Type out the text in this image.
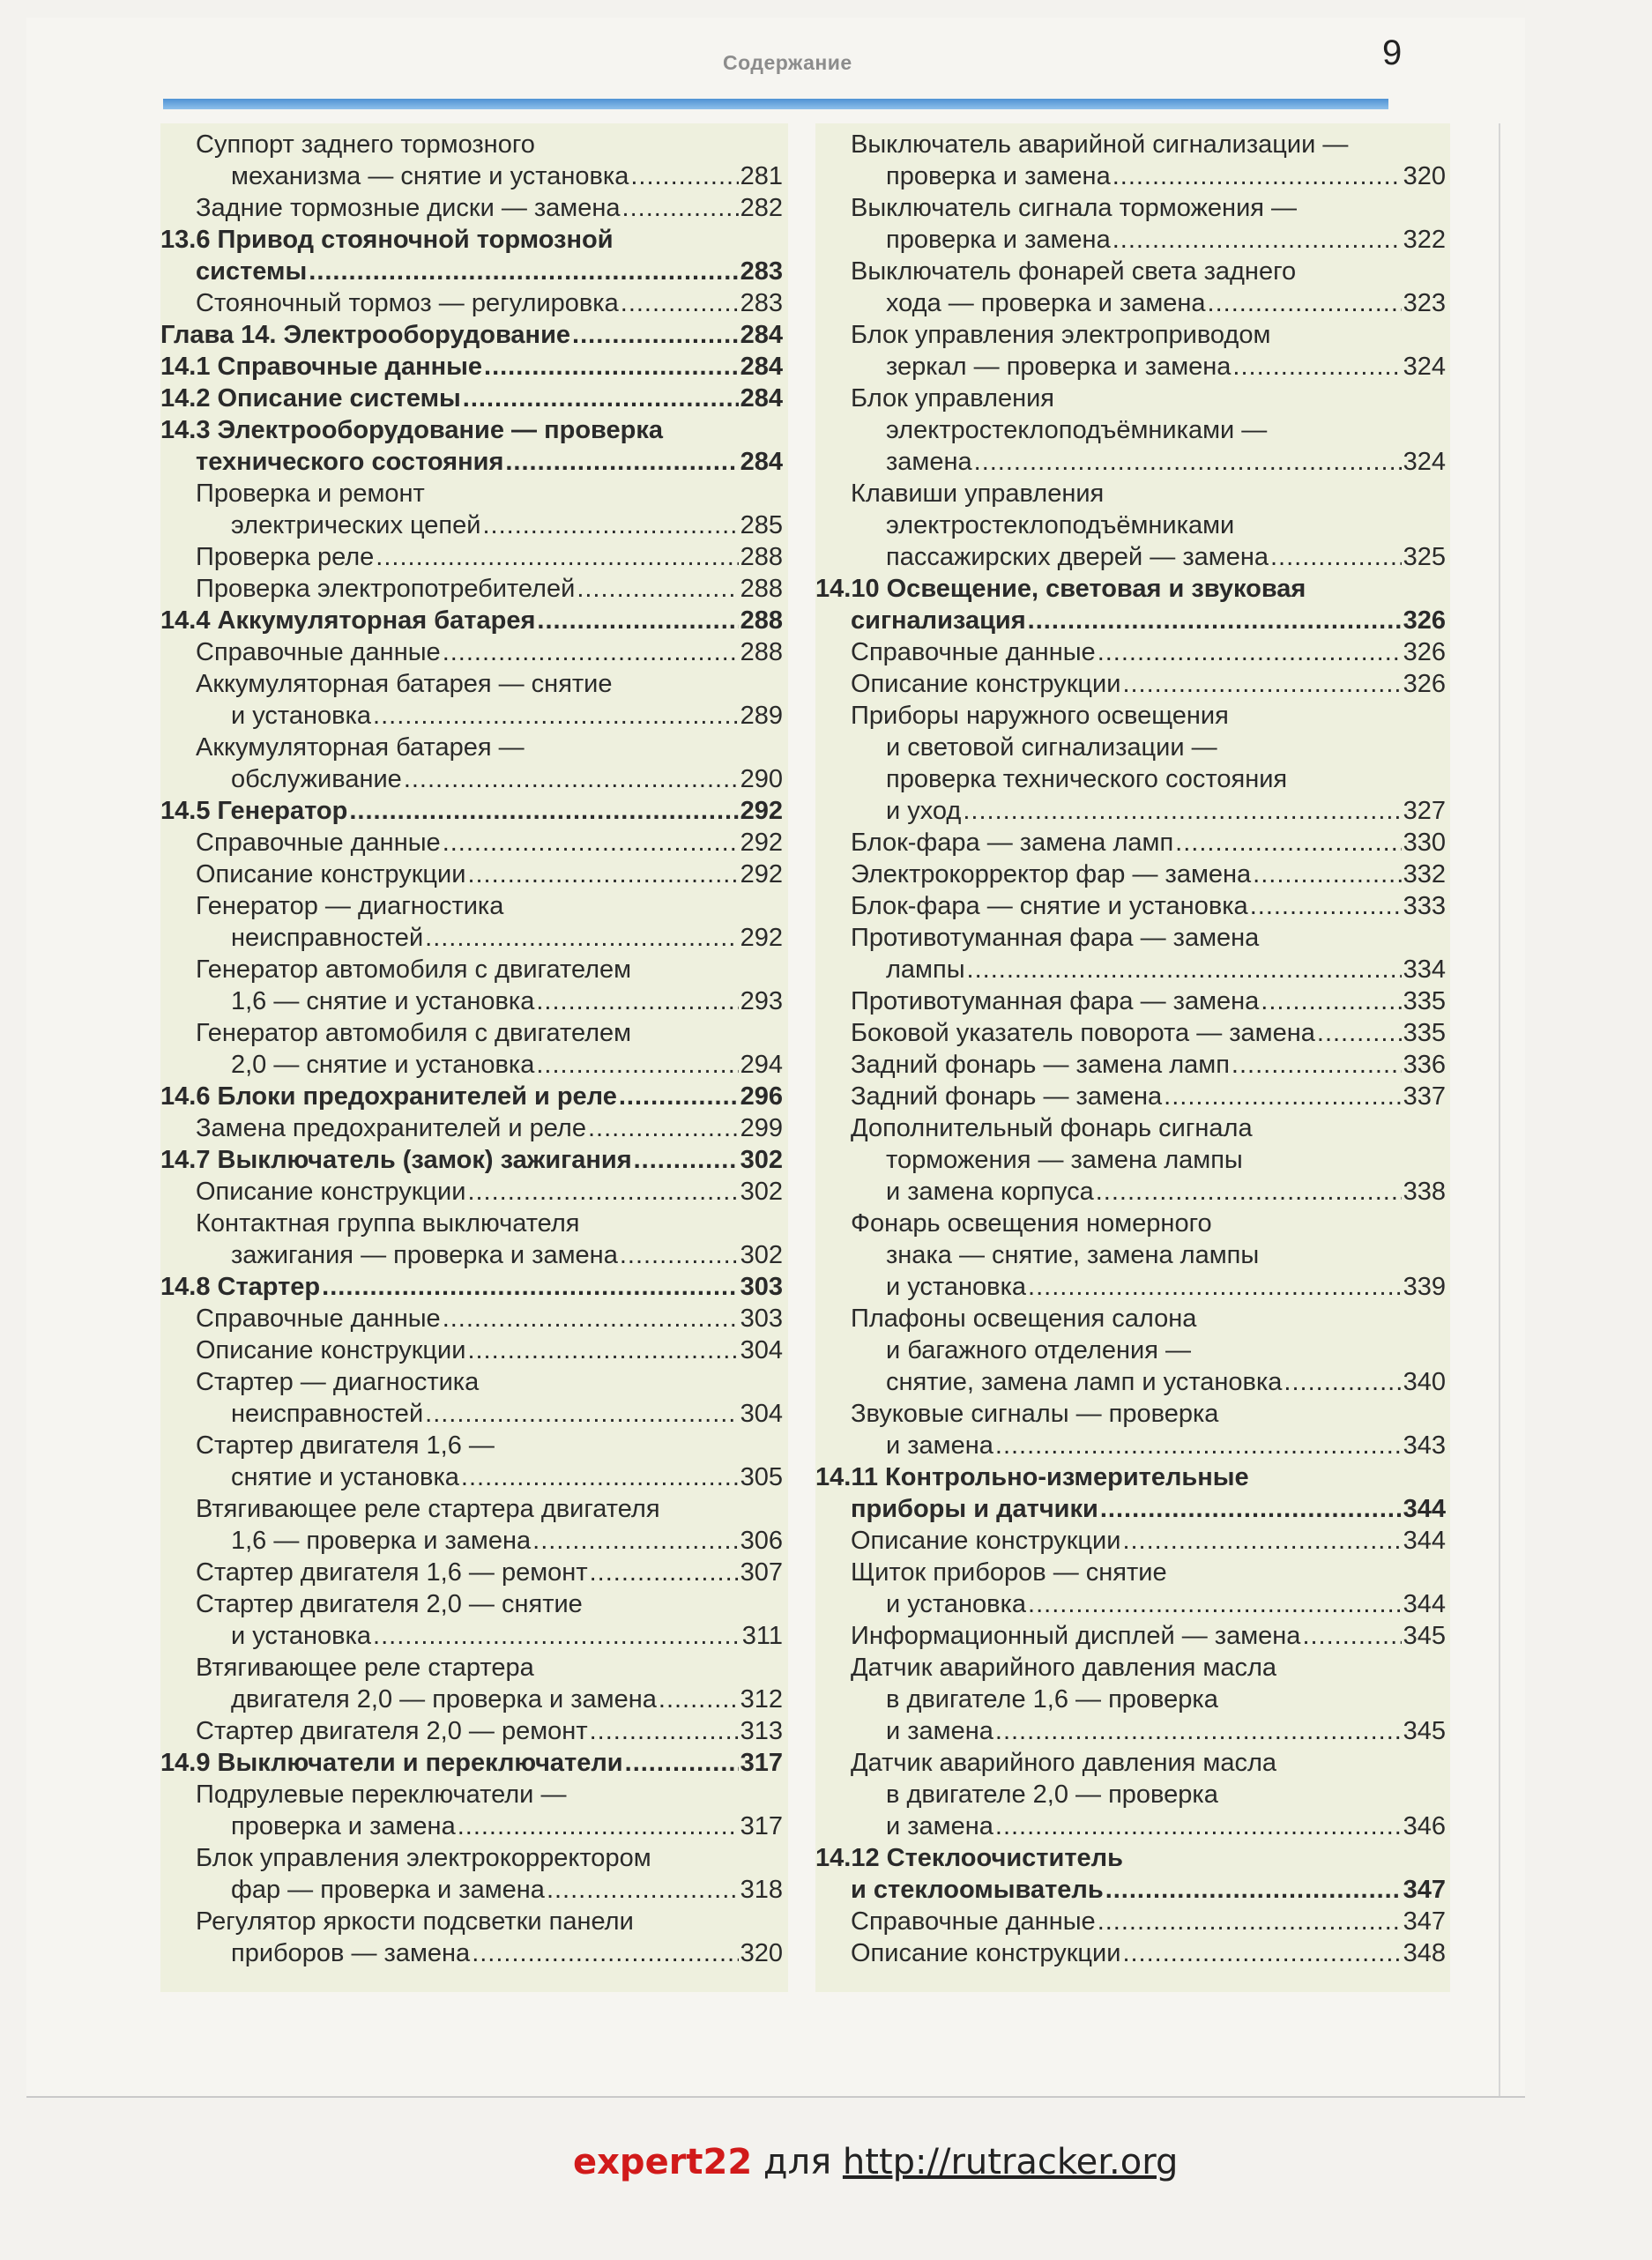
Содержание	9
Суппорт заднего тормозного
механизма — снятие и установка .....	281
Задние тормозные диски — замена .....	282
13.6 Привод стояночной тормозной
системы .....	283
Стояночный тормоз — регулировка .....	283
Глава 14. Электрооборудование .....	284
14.1 Справочные данные .....	284
14.2 Описание системы .....	284
14.3 Электрооборудование — проверка
технического состояния .....	284
Проверка и ремонт
электрических цепей .....	285
Проверка реле .....	288
Проверка электропотребителей .....	288
14.4 Аккумуляторная батарея .....	288
Справочные данные .....	288
Аккумуляторная батарея — снятие
и установка .....	289
Аккумуляторная батарея —
обслуживание .....	290
14.5 Генератор .....	292
Справочные данные .....	292
Описание конструкции .....	292
Генератор — диагностика
неисправностей .....	292
Генератор автомобиля с двигателем
1,6 — снятие и установка .....	293
Генератор автомобиля с двигателем
2,0 — снятие и установка .....	294
14.6 Блоки предохранителей и реле .....	296
Замена предохранителей и реле .....	299
14.7 Выключатель (замок) зажигания .....	302
Описание конструкции .....	302
Контактная группа выключателя
зажигания — проверка и замена .....	302
14.8 Стартер .....	303
Справочные данные .....	303
Описание конструкции .....	304
Стартер — диагностика
неисправностей .....	304
Стартер двигателя 1,6 —
снятие и установка .....	305
Втягивающее реле стартера двигателя
1,6 — проверка и замена .....	306
Стартер двигателя 1,6 — ремонт .....	307
Стартер двигателя 2,0 — снятие
и установка .....	311
Втягивающее реле стартера
двигателя 2,0 — проверка и замена .....	312
Стартер двигателя 2,0 — ремонт .....	313
14.9 Выключатели и переключатели .....	317
Подрулевые переключатели —
проверка и замена .....	317
Блок управления электрокорректором
фар — проверка и замена .....	318
Регулятор яркости подсветки панели
приборов — замена .....	320
Выключатель аварийной сигнализации —
проверка и замена .....	320
Выключатель сигнала торможения —
проверка и замена .....	322
Выключатель фонарей света заднего
хода — проверка и замена .....	323
Блок управления электроприводом
зеркал — проверка и замена .....	324
Блок управления
электростеклоподъёмниками —
замена .....	324
Клавиши управления
электростеклоподъёмниками
пассажирских дверей — замена .....	325
14.10 Освещение, световая и звуковая
сигнализация .....	326
Справочные данные .....	326
Описание конструкции .....	326
Приборы наружного освещения
и световой сигнализации —
проверка технического состояния
и уход .....	327
Блок-фара — замена ламп .....	330
Электрокорректор фар — замена .....	332
Блок-фара — снятие и установка .....	333
Противотуманная фара — замена
лампы .....	334
Противотуманная фара — замена .....	335
Боковой указатель поворота — замена .....	335
Задний фонарь — замена ламп .....	336
Задний фонарь — замена .....	337
Дополнительный фонарь сигнала
торможения — замена лампы
и замена корпуса .....	338
Фонарь освещения номерного
знака — снятие, замена лампы
и установка .....	339
Плафоны освещения салона
и багажного отделения —
снятие, замена ламп и установка .....	340
Звуковые сигналы — проверка
и замена .....	343
14.11 Контрольно-измерительные
приборы и датчики .....	344
Описание конструкции .....	344
Щиток приборов — снятие
и установка .....	344
Информационный дисплей — замена .....	345
Датчик аварийного давления масла
в двигателе 1,6 — проверка
и замена .....	345
Датчик аварийного давления масла
в двигателе 2,0 — проверка
и замена .....	346
14.12 Стеклоочиститель
и стеклоомыватель .....	347
Справочные данные .....	347
Описание конструкции .....	348
expert22 для http://rutracker.org
